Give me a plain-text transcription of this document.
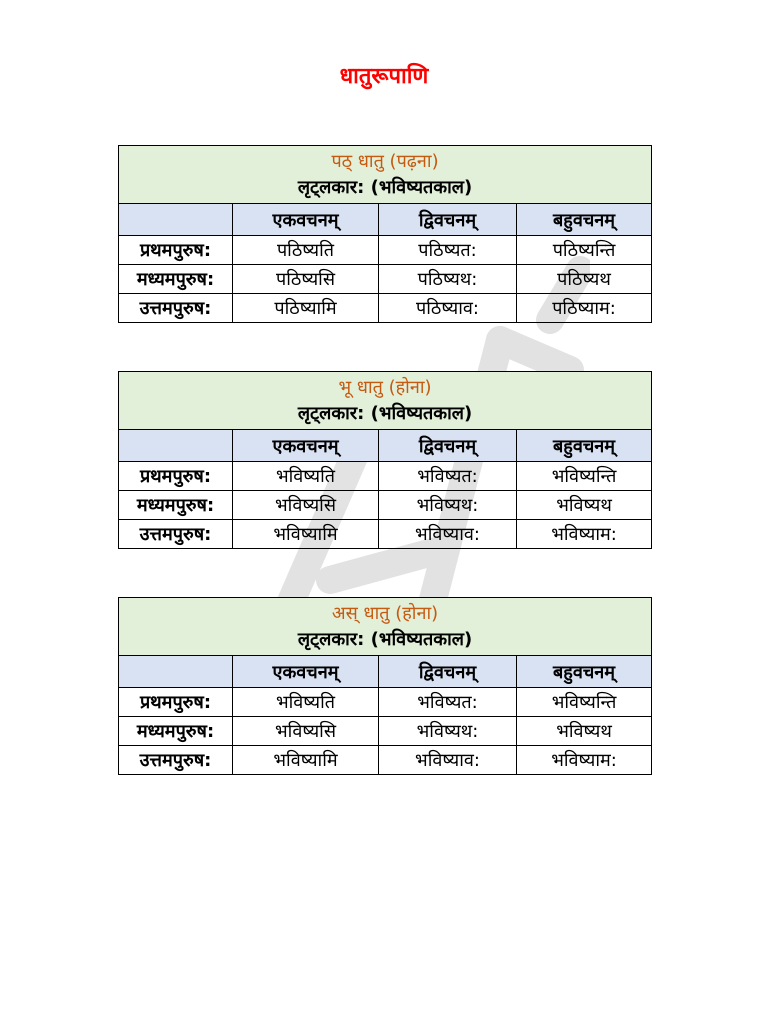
धातुरूपाणि
पठ् धातु (पढ़ना)
लृट्लकार: (भविष्यतकाल)			

	एकवचनम्	द्विवचनम्	बहुवचनम्
प्रथमपुरुष:	पठिष्यति	पठिष्यत:	पठिष्यन्ति
मध्यमपुरुष:	पठिष्यसि	पठिष्यथ:	पठिष्यथ
उत्तमपुरुष:	पठिष्यामि	पठिष्याव:	पठिष्याम:
भू धातु (होना)
लृट्लकार: (भविष्यतकाल)			

	एकवचनम्	द्विवचनम्	बहुवचनम्
प्रथमपुरुष:	भविष्यति	भविष्यत:	भविष्यन्ति
मध्यमपुरुष:	भविष्यसि	भविष्यथ:	भविष्यथ
उत्तमपुरुष:	भविष्यामि	भविष्याव:	भविष्याम:
अस् धातु (होना)
लृट्लकार: (भविष्यतकाल)			

	एकवचनम्	द्विवचनम्	बहुवचनम्
प्रथमपुरुष:	भविष्यति	भविष्यत:	भविष्यन्ति
मध्यमपुरुष:	भविष्यसि	भविष्यथ:	भविष्यथ
उत्तमपुरुष:	भविष्यामि	भविष्याव:	भविष्याम:
